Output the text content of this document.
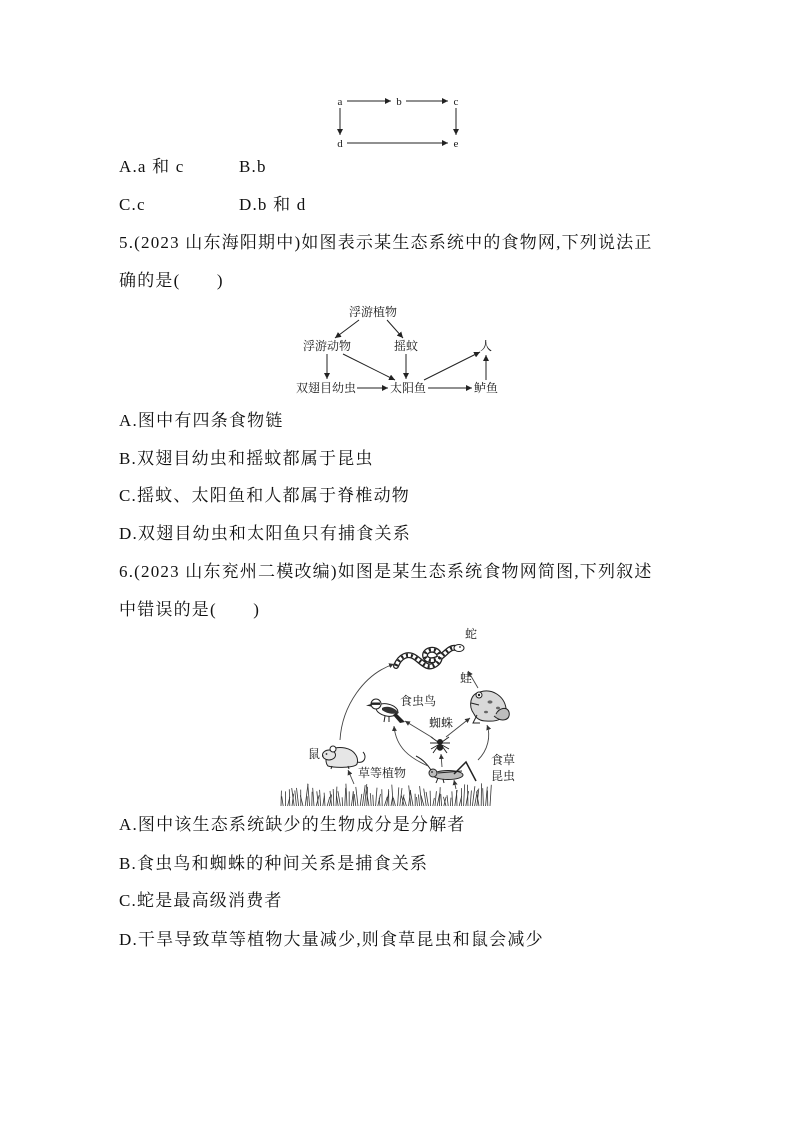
a	b	c
d	e
A.a 和 c	B.b
C.c	D.b 和 d
5.(2023 山东海阳期中)如图表示某生态系统中的食物网,下列说法正
确的是(　　)
浮游植物
浮游动物	摇蚊	人
双翅目幼虫	太阳鱼	鲈鱼
A.图中有四条食物链
B.双翅目幼虫和摇蚊都属于昆虫
C.摇蚊、太阳鱼和人都属于脊椎动物
D.双翅目幼虫和太阳鱼只有捕食关系
6.(2023 山东兖州二模改编)如图是某生态系统食物网简图,下列叙述
中错误的是(　　)
蛇
蛙
食虫鸟
蜘蛛
鼠
草等植物
食草
昆虫
A.图中该生态系统缺少的生物成分是分解者
B.食虫鸟和蜘蛛的种间关系是捕食关系
C.蛇是最高级消费者
D.干旱导致草等植物大量减少,则食草昆虫和鼠会减少
